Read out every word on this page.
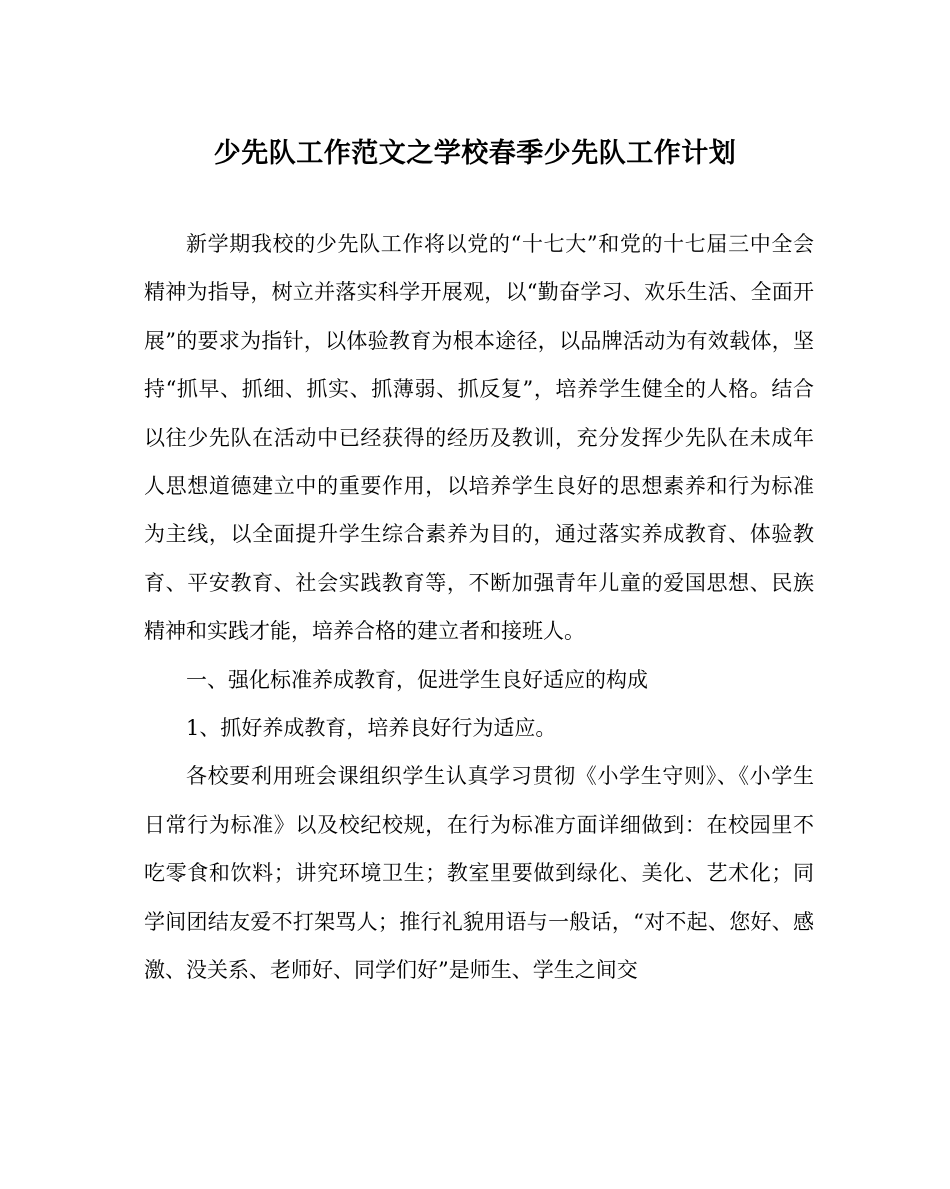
少先队工作范文之学校春季少先队工作计划

新学期我校的少先队工作将以党的“十七大”和党的十七届三中全会精神为指导，树立并落实科学开展观，以“勤奋学习、欢乐生活、全面开展”的要求为指针，以体验教育为根本途径，以品牌活动为有效载体，坚持“抓早、抓细、抓实、抓薄弱、抓反复”，培养学生健全的人格。结合以往少先队在活动中已经获得的经历及教训，充分发挥少先队在未成年人思想道德建立中的重要作用，以培养学生良好的思想素养和行为标准为主线，以全面提升学生综合素养为目的，通过落实养成教育、体验教育、平安教育、社会实践教育等，不断加强青年儿童的爱国思想、民族精神和实践才能，培养合格的建立者和接班人。

一、强化标准养成教育，促进学生良好适应的构成

1、抓好养成教育，培养良好行为适应。

各校要利用班会课组织学生认真学习贯彻《小学生守则》、《小学生日常行为标准》以及校纪校规，在行为标准方面详细做到：在校园里不吃零食和饮料；讲究环境卫生；教室里要做到绿化、美化、艺术化；同学间团结友爱不打架骂人；推行礼貌用语与一般话，“对不起、您好、感激、没关系、老师好、同学们好”是师生、学生之间交
